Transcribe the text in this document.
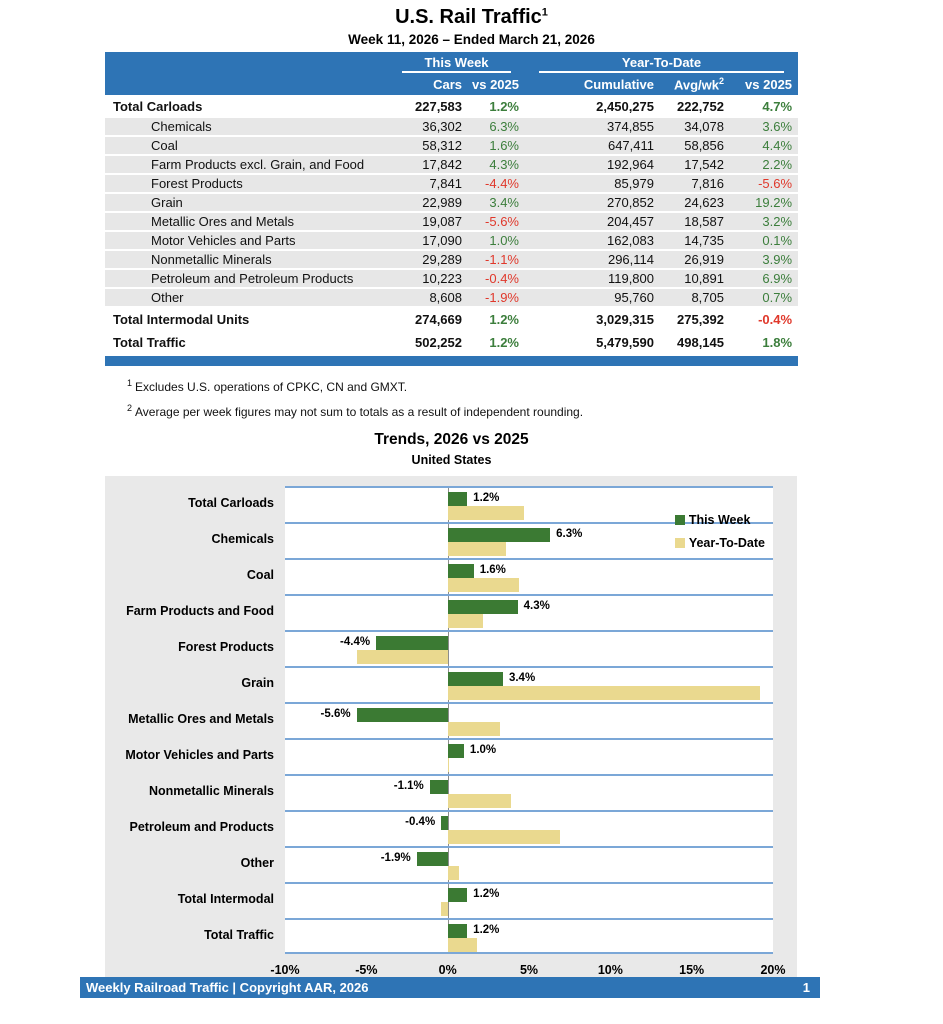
U.S. Rail Traffic$^1$
Week 11, 2026 – Ended March 21, 2026

	This Week		Year-To-Date		

	Cars	vs 2025	Cumulative	Avg/$wk^2$	vs 2025
Total Carloads	227,583	1.2%	2,450,275	222,752	4.7%
Chemicals	36,302	6.3%	374,855	34,078	3.6%
Coal	58,312	1.6%	647,411	58,856	4.4%
Farm Products excl. Grain, and Food	17,842	4.3%	192,964	17,542	2.2%
Forest Products	7,841	-4.4%	85,979	7,816	-5.6%
Grain	22,989	3.4%	270,852	24,623	19.2%
Metallic Ores and Metals	19,087	-5.6%	204,457	18,587	3.2%
Motor Vehicles and Parts	17,090	1.0%	162,083	14,735	0.1%
Nonmetallic Minerals	29,289	-1.1%	296,114	26,919	3.9%
Petroleum and Petroleum Products	10,223	-0.4%	119,800	10,891	6.9%
Other	8,608	-1.9%	95,760	8,705	0.7%
Total Intermodal Units	274,669	1.2%	3,029,315	275,392	-0.4%
Total Traffic	502,252	1.2%	5,479,590	498,145	1.8%
$^1$ Excludes U.S. operations of CPKC, CN and GMXT.
$^2$ Average per week figures may not sum to totals as a result of independent rounding.
Trends, 2026 vs 2025
United States
Total Carloads	1.2%
Chemicals	6.3%
Coal	1.6%
Farm Products and Food	4.3%
Forest Products	-4.4%
Grain	3.4%
Metallic Ores and Metals	-5.6%
Motor Vehicles and Parts	1.0%
Nonmetallic Minerals	-1.1%
Petroleum and Products	-0.4%
Other	-1.9%
Total Intermodal	1.2%
Total Traffic	1.2%
This Week
Year-To-Date
-10%	-5%	0%	5%	10%	15%	20%
Weekly Railroad Traffic | Copyright AAR, 2026	1
